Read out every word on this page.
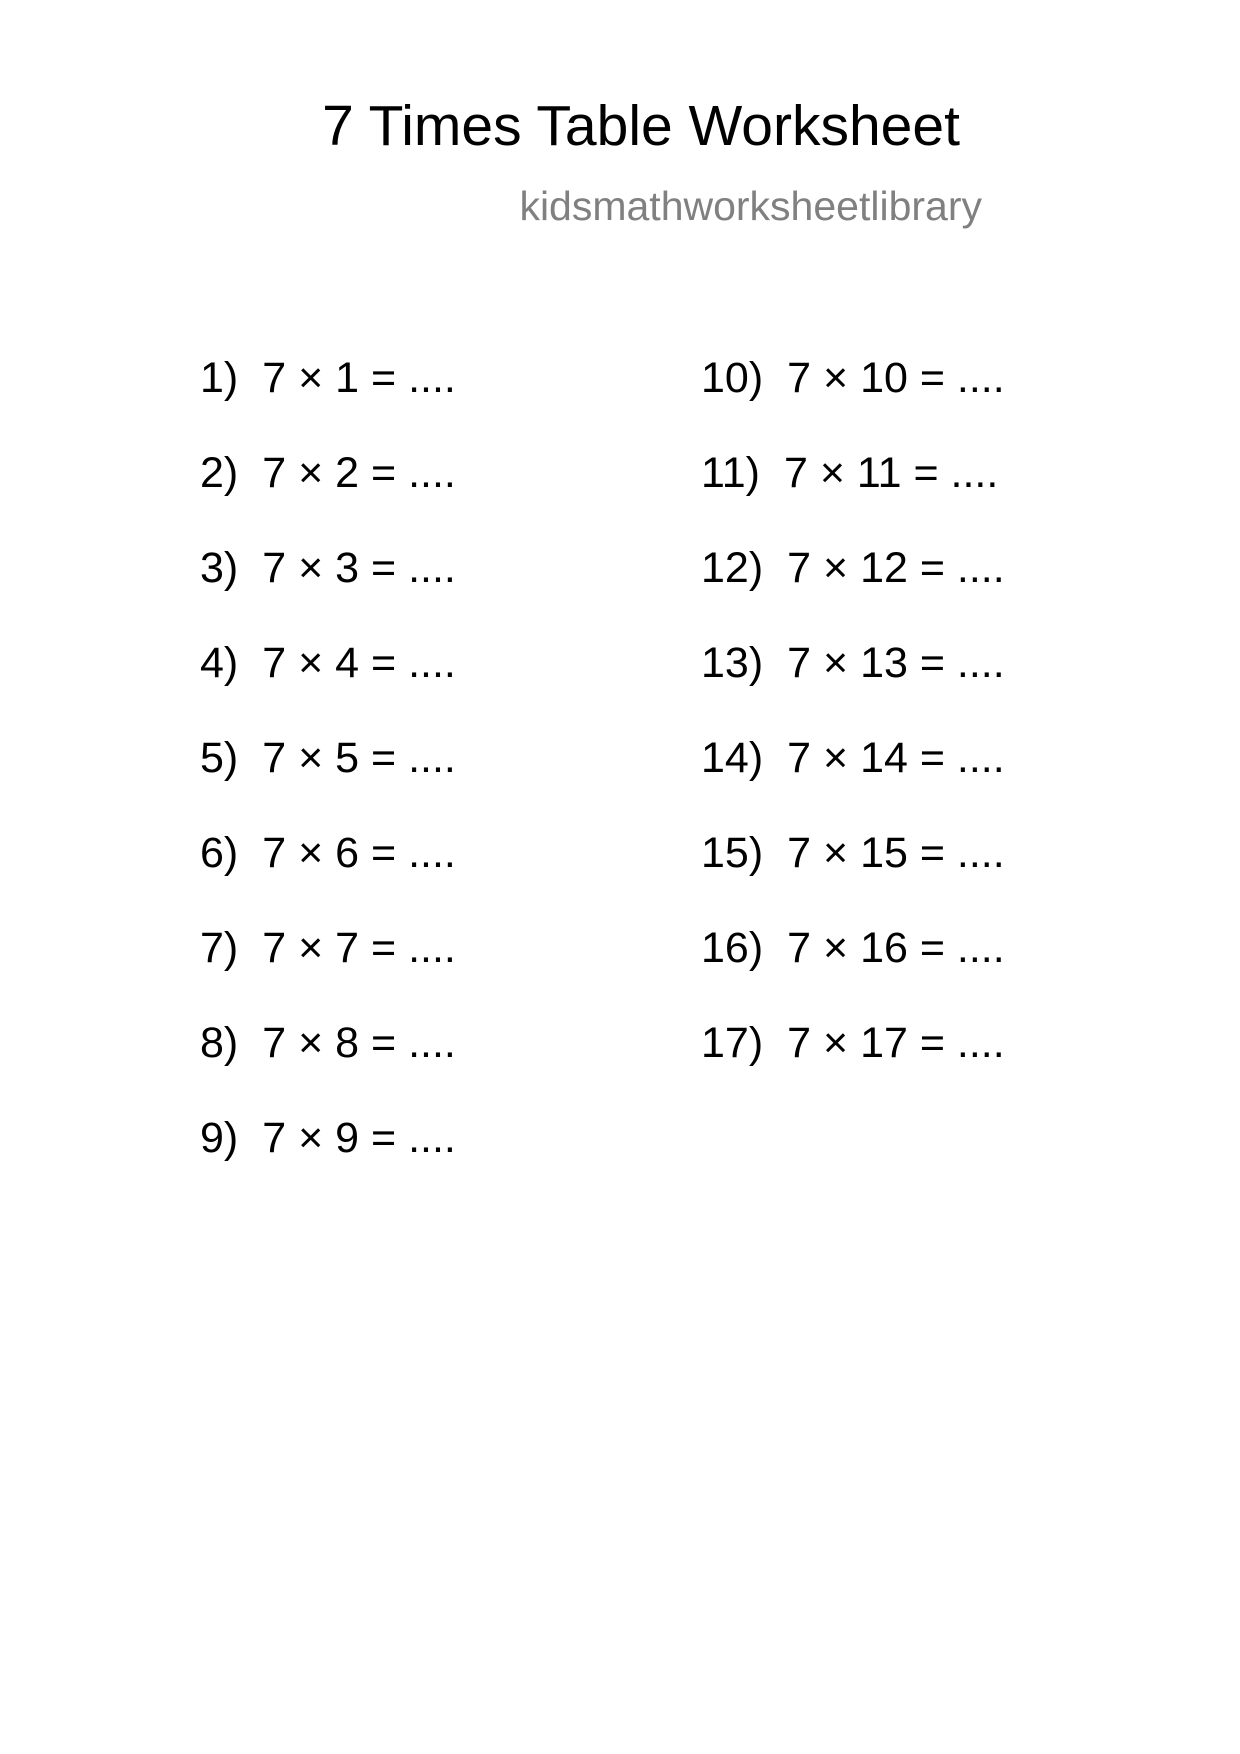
7 Times Table Worksheet
kidsmathworksheetlibrary
1) 7 × 1 = ....
2) 7 × 2 = ....
3) 7 × 3 = ....
4) 7 × 4 = ....
5) 7 × 5 = ....
6) 7 × 6 = ....
7) 7 × 7 = ....
8) 7 × 8 = ....
9) 7 × 9 = ....
10) 7 × 10 = ....
11) 7 × 11 = ....
12) 7 × 12 = ....
13) 7 × 13 = ....
14) 7 × 14 = ....
15) 7 × 15 = ....
16) 7 × 16 = ....
17) 7 × 17 = ....
